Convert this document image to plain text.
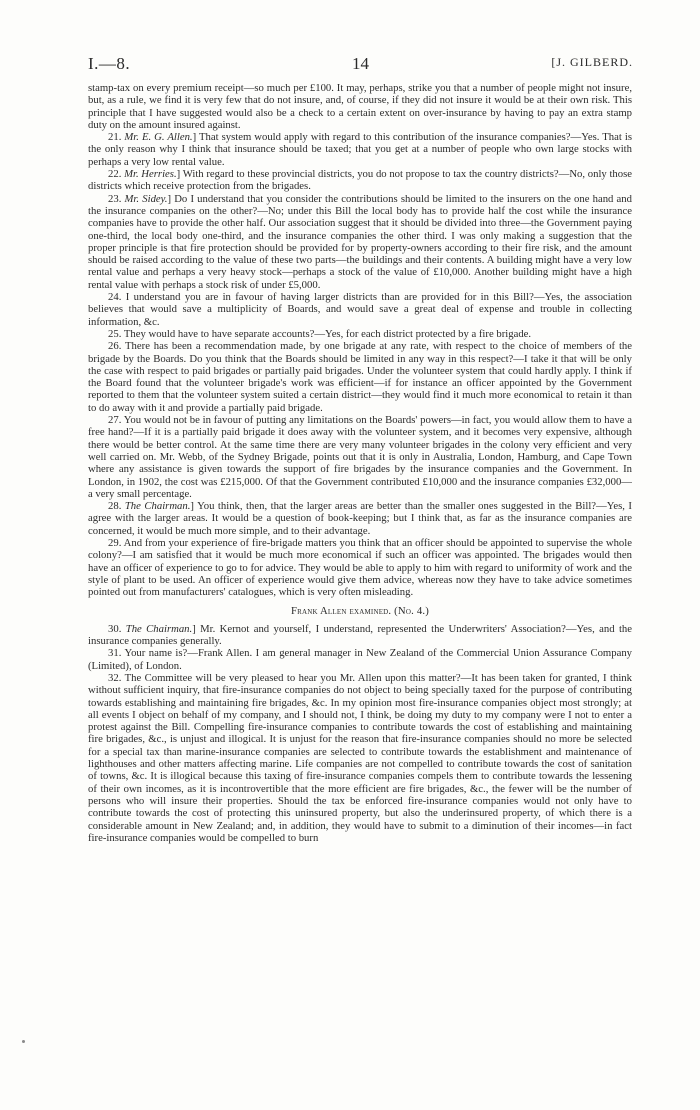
I.—8.	14	[J. GILBERD.

stamp-tax on every premium receipt—so much per £100. It may, perhaps, strike you that a number of people might not insure, but, as a rule, we find it is very few that do not insure, and, of course, if they did not insure it would be at their own risk. This principle that I have suggested would also be a check to a certain extent on over-insurance by having to pay an extra stamp duty on the amount insured against.

21. Mr. E. G. Allen.] That system would apply with regard to this contribution of the insurance companies?—Yes. That is the only reason why I think that insurance should be taxed; that you get at a number of people who own large stocks with perhaps a very low rental value.

22. Mr. Herries.] With regard to these provincial districts, you do not propose to tax the country districts?—No, only those districts which receive protection from the brigades.

23. Mr. Sidey.] Do I understand that you consider the contributions should be limited to the insurers on the one hand and the insurance companies on the other?—No; under this Bill the local body has to provide half the cost while the insurance companies have to provide the other half. Our association suggest that it should be divided into three—the Government paying one-third, the local body one-third, and the insurance companies the other third. I was only making a suggestion that the proper principle is that fire protection should be provided for by property-owners according to their fire risk, and the amount should be raised according to the value of these two parts—the buildings and their contents. A building might have a very low rental value and perhaps a very heavy stock—perhaps a stock of the value of £10,000. Another building might have a high rental value with perhaps a stock risk of under £5,000.

24. I understand you are in favour of having larger districts than are provided for in this Bill?—Yes, the association believes that would save a multiplicity of Boards, and would save a great deal of expense and trouble in collecting information, &c.

25. They would have to have separate accounts?—Yes, for each district protected by a fire brigade.

26. There has been a recommendation made, by one brigade at any rate, with respect to the choice of members of the brigade by the Boards. Do you think that the Boards should be limited in any way in this respect?—I take it that will be only the case with respect to paid brigades or partially paid brigades. Under the volunteer system that could hardly apply. I think if the Board found that the volunteer brigade's work was efficient—if for instance an officer appointed by the Government reported to them that the volunteer system suited a certain district—they would find it much more economical to retain it than to do away with it and provide a partially paid brigade.

27. You would not be in favour of putting any limitations on the Boards' powers—in fact, you would allow them to have a free hand?—If it is a partially paid brigade it does away with the volunteer system, and it becomes very expensive, although there would be better control. At the same time there are very many volunteer brigades in the colony very efficient and very well carried on. Mr. Webb, of the Sydney Brigade, points out that it is only in Australia, London, Hamburg, and Cape Town where any assistance is given towards the support of fire brigades by the insurance companies and the Government. In London, in 1902, the cost was £215,000. Of that the Government contributed £10,000 and the insurance companies £32,000—a very small percentage.

28. The Chairman.] You think, then, that the larger areas are better than the smaller ones suggested in the Bill?—Yes, I agree with the larger areas. It would be a question of book-keeping; but I think that, as far as the insurance companies are concerned, it would be much more simple, and to their advantage.

29. And from your experience of fire-brigade matters you think that an officer should be appointed to supervise the whole colony?—I am satisfied that it would be much more economical if such an officer was appointed. The brigades would then have an officer of experience to go to for advice. They would be able to apply to him with regard to uniformity of work and the style of plant to be used. An officer of experience would give them advice, whereas now they have to take advice sometimes pointed out from manufacturers' catalogues, which is very often misleading.

Frank Allen examined. (No. 4.)

30. The Chairman.] Mr. Kernot and yourself, I understand, represented the Underwriters' Association?—Yes, and the insurance companies generally.

31. Your name is?—Frank Allen. I am general manager in New Zealand of the Commercial Union Assurance Company (Limited), of London.

32. The Committee will be very pleased to hear you Mr. Allen upon this matter?—It has been taken for granted, I think without sufficient inquiry, that fire-insurance companies do not object to being specially taxed for the purpose of contributing towards establishing and maintaining fire brigades, &c. In my opinion most fire-insurance companies object most strongly; at all events I object on behalf of my company, and I should not, I think, be doing my duty to my company were I not to enter a protest against the Bill. Compelling fire-insurance companies to contribute towards the cost of establishing and maintaining fire brigades, &c., is unjust and illogical. It is unjust for the reason that fire-insurance companies should no more be selected for a special tax than marine-insurance companies are selected to contribute towards the establishment and maintenance of lighthouses and other matters affecting marine. Life companies are not compelled to contribute towards the cost of sanitation of towns, &c. It is illogical because this taxing of fire-insurance companies compels them to contribute towards the lessening of their own incomes, as it is incontrovertible that the more efficient are fire brigades, &c., the fewer will be the number of persons who will insure their properties. Should the tax be enforced fire-insurance companies would not only have to contribute towards the cost of protecting this uninsured property, but also the underinsured property, of which there is a considerable amount in New Zealand; and, in addition, they would have to submit to a diminution of their incomes—in fact fire-insurance companies would be compelled to burn
